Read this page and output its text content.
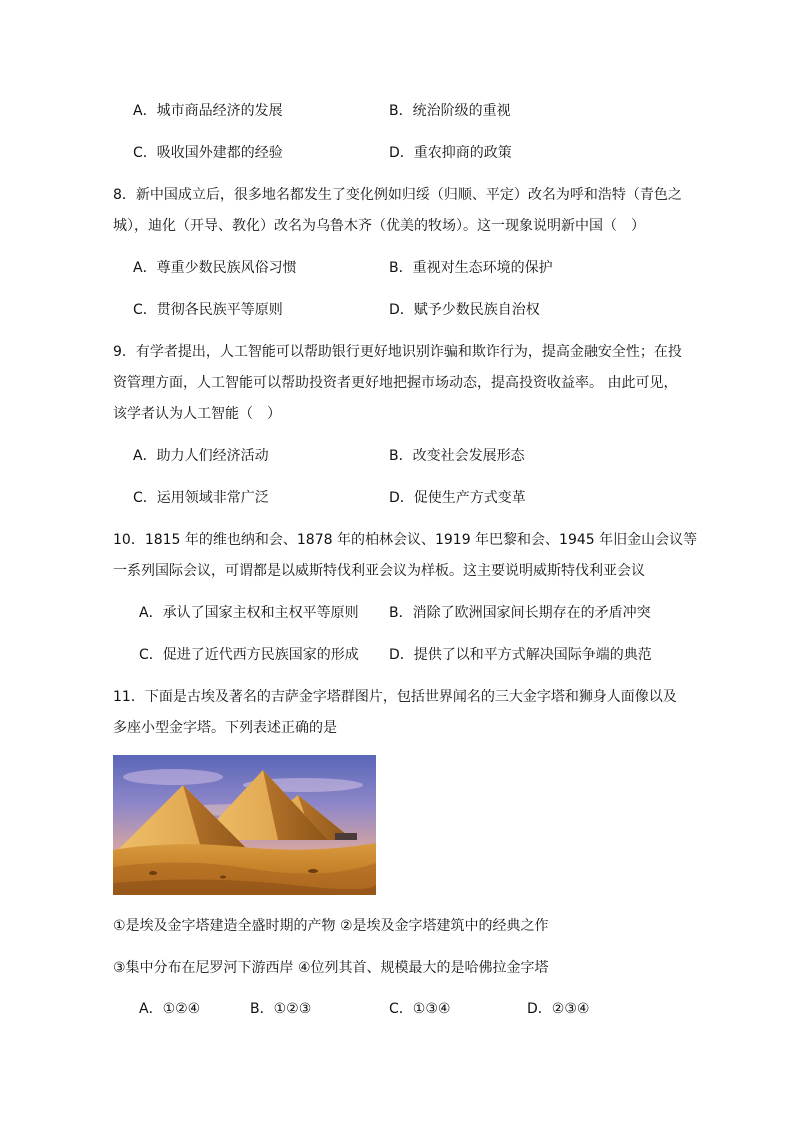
A．城市商品经济的发展	B．统治阶级的重视
C．吸收国外建都的经验	D．重农抑商的政策
8．新中国成立后，很多地名都发生了变化例如归绥（归顺、平定）改名为呼和浩特（青色之
城），迪化（开导、教化）改名为乌鲁木齐（优美的牧场）。这一现象说明新中国（　）
A．尊重少数民族风俗习惯	B．重视对生态环境的保护
C．贯彻各民族平等原则	D．赋予少数民族自治权
9．有学者提出，人工智能可以帮助银行更好地识别诈骗和欺诈行为，提高金融安全性；在投
资管理方面，人工智能可以帮助投资者更好地把握市场动态，提高投资收益率。 由此可见，
该学者认为人工智能（　）
A．助力人们经济活动	B．改变社会发展形态
C．运用领域非常广泛	D．促使生产方式变革
10．1815 年的维也纳和会、1878 年的柏林会议、1919 年巴黎和会、1945 年旧金山会议等
一系列国际会议，可谓都是以威斯特伐利亚会议为样板。这主要说明威斯特伐利亚会议
A．承认了国家主权和主权平等原则 B．消除了欧洲国家间长期存在的矛盾冲突
C．促进了近代西方民族国家的形成 D．提供了以和平方式解决国际争端的典范
11．下面是古埃及著名的吉萨金字塔群图片，包括世界闻名的三大金字塔和狮身人面像以及
多座小型金字塔。下列表述正确的是
①是埃及金字塔建造全盛时期的产物 ②是埃及金字塔建筑中的经典之作
③集中分布在尼罗河下游西岸 ④位列其首、规模最大的是哈佛拉金字塔
A．①②④	B．①②③	C．①③④	D．②③④
